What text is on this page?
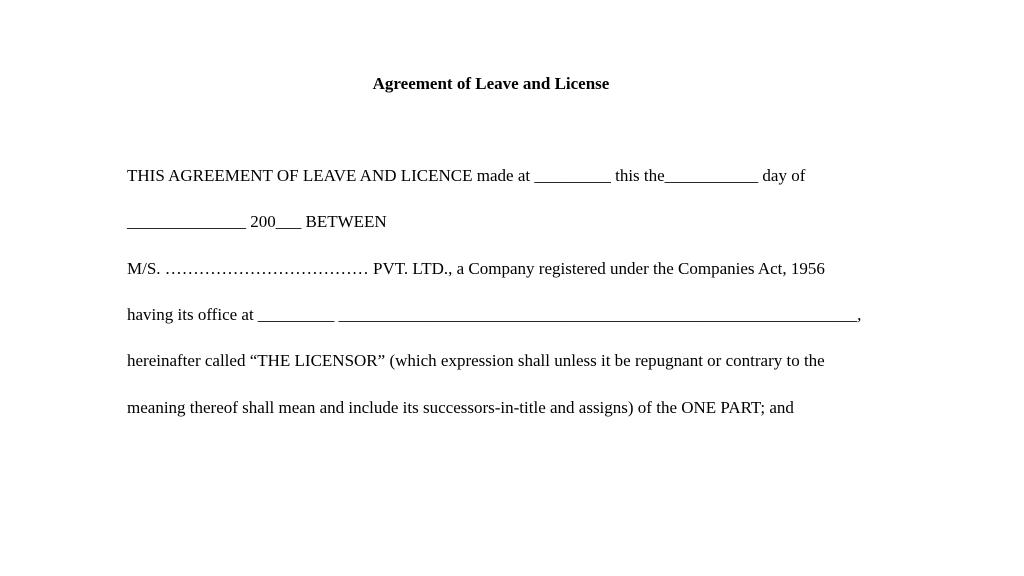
Agreement of Leave and License
THIS AGREEMENT OF LEAVE AND LICENCE made at _________ this the___________ day of
______________ 200___ BETWEEN
M/S. ……………………………… PVT. LTD., a Company registered under the Companies Act, 1956
having its office at _________ _____________________________________________________________,
hereinafter called “THE LICENSOR” (which expression shall unless it be repugnant or contrary to the
meaning thereof shall mean and include its successors-in-title and assigns) of the ONE PART; and
